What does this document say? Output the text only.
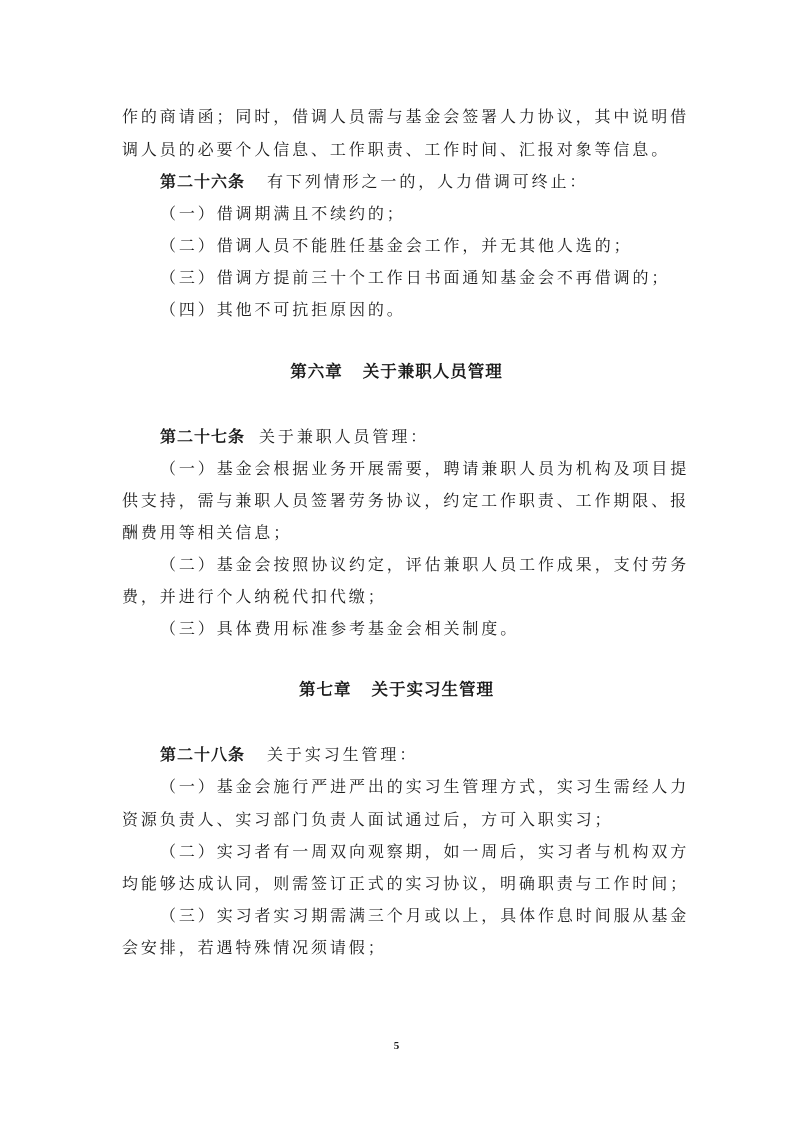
作的商请函；同时，借调人员需与基金会签署人力协议，其中说明借
调人员的必要个人信息、工作职责、工作时间、汇报对象等信息。
第二十六条 有下列情形之一的，人力借调可终止：
（一）借调期满且不续约的；
（二）借调人员不能胜任基金会工作，并无其他人选的；
（三）借调方提前三十个工作日书面通知基金会不再借调的；
（四）其他不可抗拒原因的。
第六章 关于兼职人员管理
第二十七条 关于兼职人员管理：
（一）基金会根据业务开展需要，聘请兼职人员为机构及项目提
供支持，需与兼职人员签署劳务协议，约定工作职责、工作期限、报
酬费用等相关信息；
（二）基金会按照协议约定，评估兼职人员工作成果，支付劳务
费，并进行个人纳税代扣代缴；
（三）具体费用标准参考基金会相关制度。
第七章 关于实习生管理
第二十八条 关于实习生管理：
（一）基金会施行严进严出的实习生管理方式，实习生需经人力
资源负责人、实习部门负责人面试通过后，方可入职实习；
（二）实习者有一周双向观察期，如一周后，实习者与机构双方
均能够达成认同，则需签订正式的实习协议，明确职责与工作时间；
（三）实习者实习期需满三个月或以上，具体作息时间服从基金
会安排，若遇特殊情况须请假；
5
